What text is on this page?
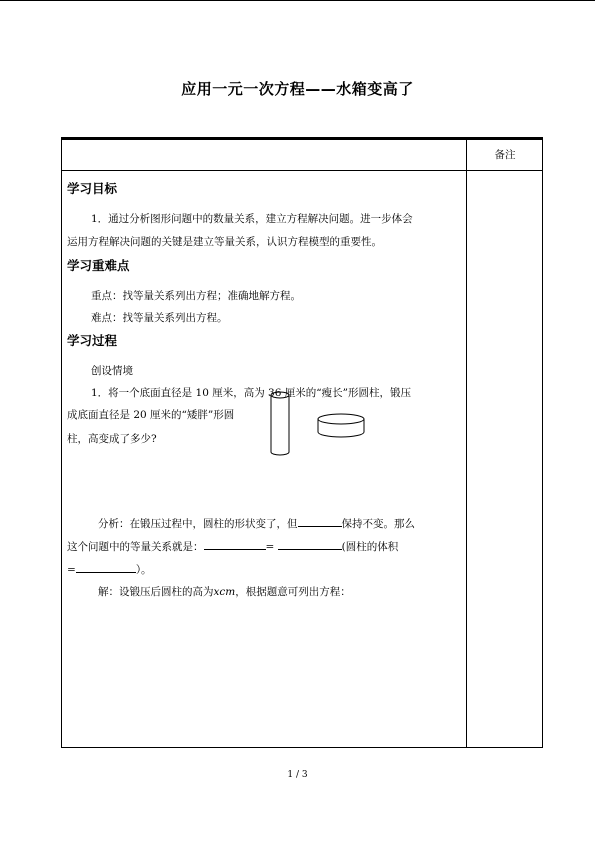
应用一元一次方程——水箱变高了
备注
学习目标
1．通过分析图形问题中的数量关系，建立方程解决问题。进一步体会
运用方程解决问题的关键是建立等量关系，认识方程模型的重要性。
学习重难点
重点：找等量关系列出方程；准确地解方程。
难点：找等量关系列出方程。
学习过程
创设情境
1．将一个底面直径是 10 厘米，高为 36 厘米的“瘦长”形圆柱，锻压
成底面直径是 20 厘米的“矮胖”形圆
柱，高变成了多少?
分析：在锻压过程中，圆柱的形状变了，但	保持不变。那么
这个问题中的等量关系就是：	=	(圆柱的体积
=	）。
解：设锻压后圆柱的高为xcm，根据题意可列出方程：
1 / 3
